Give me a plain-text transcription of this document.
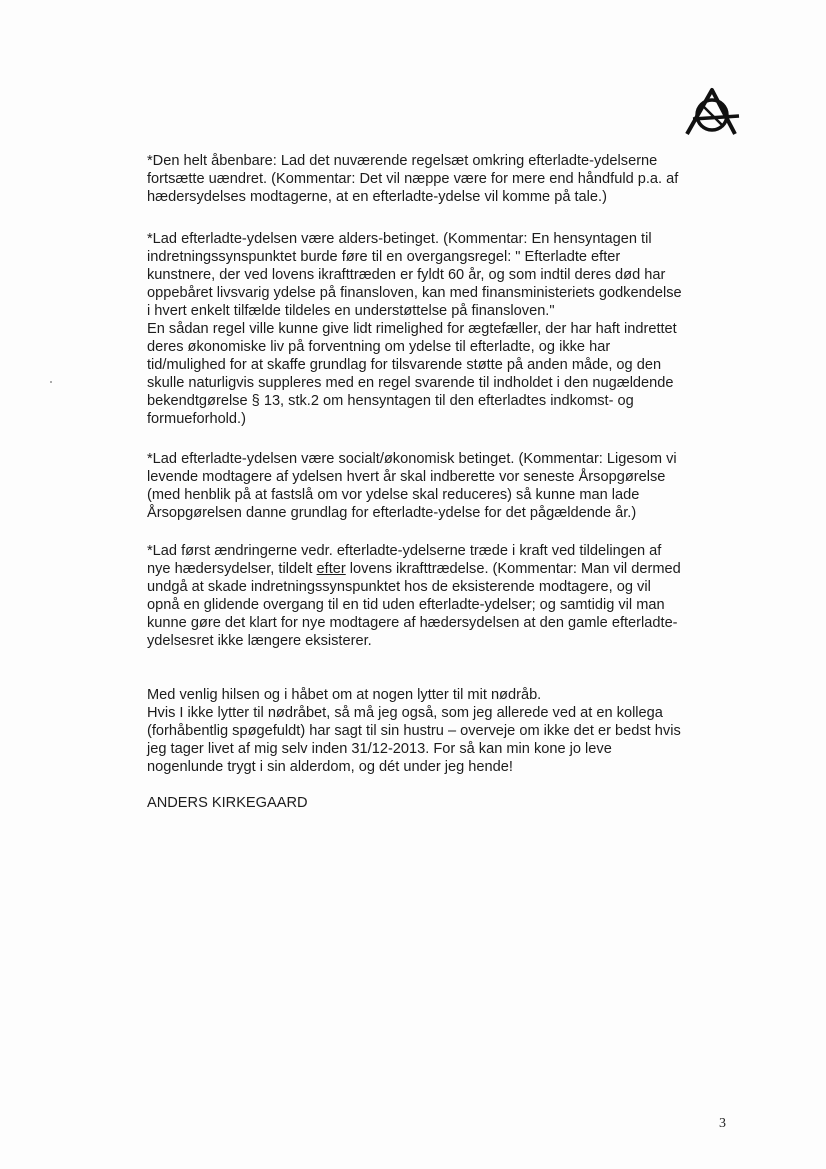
*Den helt åbenbare: Lad det nuværende regelsæt omkring efterladte-ydelserne
fortsætte uændret. (Kommentar: Det vil næppe være for mere end håndfuld p.a. af
hædersydelses modtagerne, at en efterladte-ydelse vil komme på tale.)
*Lad efterladte-ydelsen være alders-betinget. (Kommentar: En hensyntagen til
indretningssynspunktet burde føre til en overgangsregel: " Efterladte efter
kunstnere, der ved lovens ikrafttræden er fyldt 60 år, og som indtil deres død har
oppebåret livsvarig ydelse på finansloven, kan med finansministeriets godkendelse
i hvert enkelt tilfælde tildeles en understøttelse på finansloven."
En sådan regel ville kunne give lidt rimelighed for ægtefæller, der har haft indrettet
deres økonomiske liv på forventning om ydelse til efterladte, og ikke har
tid/mulighed for at skaffe grundlag for tilsvarende støtte på anden måde, og den
skulle naturligvis suppleres med en regel svarende til indholdet i den nugældende
bekendtgørelse § 13, stk.2 om hensyntagen til den efterladtes indkomst- og
formueforhold.)
*Lad efterladte-ydelsen være socialt/økonomisk betinget. (Kommentar: Ligesom vi
levende modtagere af ydelsen hvert år skal indberette vor seneste Årsopgørelse
(med henblik på at fastslå om vor ydelse skal reduceres) så kunne man lade
Årsopgørelsen danne grundlag for efterladte-ydelse for det pågældende år.)
*Lad først ændringerne vedr. efterladte-ydelserne træde i kraft ved tildelingen af
nye hædersydelser, tildelt efter lovens ikrafttrædelse. (Kommentar: Man vil dermed
undgå at skade indretningssynspunktet hos de eksisterende modtagere, og vil
opnå en glidende overgang til en tid uden efterladte-ydelser; og samtidig vil man
kunne gøre det klart for nye modtagere af hædersydelsen at den gamle efterladte-
ydelsesret ikke længere eksisterer.
Med venlig hilsen og i håbet om at nogen lytter til mit nødråb.
Hvis I ikke lytter til nødråbet, så må jeg også, som jeg allerede ved at en kollega
(forhåbentlig spøgefuldt) har sagt til sin hustru – overveje om ikke det er bedst hvis
jeg tager livet af mig selv inden 31/12-2013. For så kan min kone jo leve
nogenlunde trygt i sin alderdom, og dét under jeg hende!
ANDERS KIRKEGAARD
3
